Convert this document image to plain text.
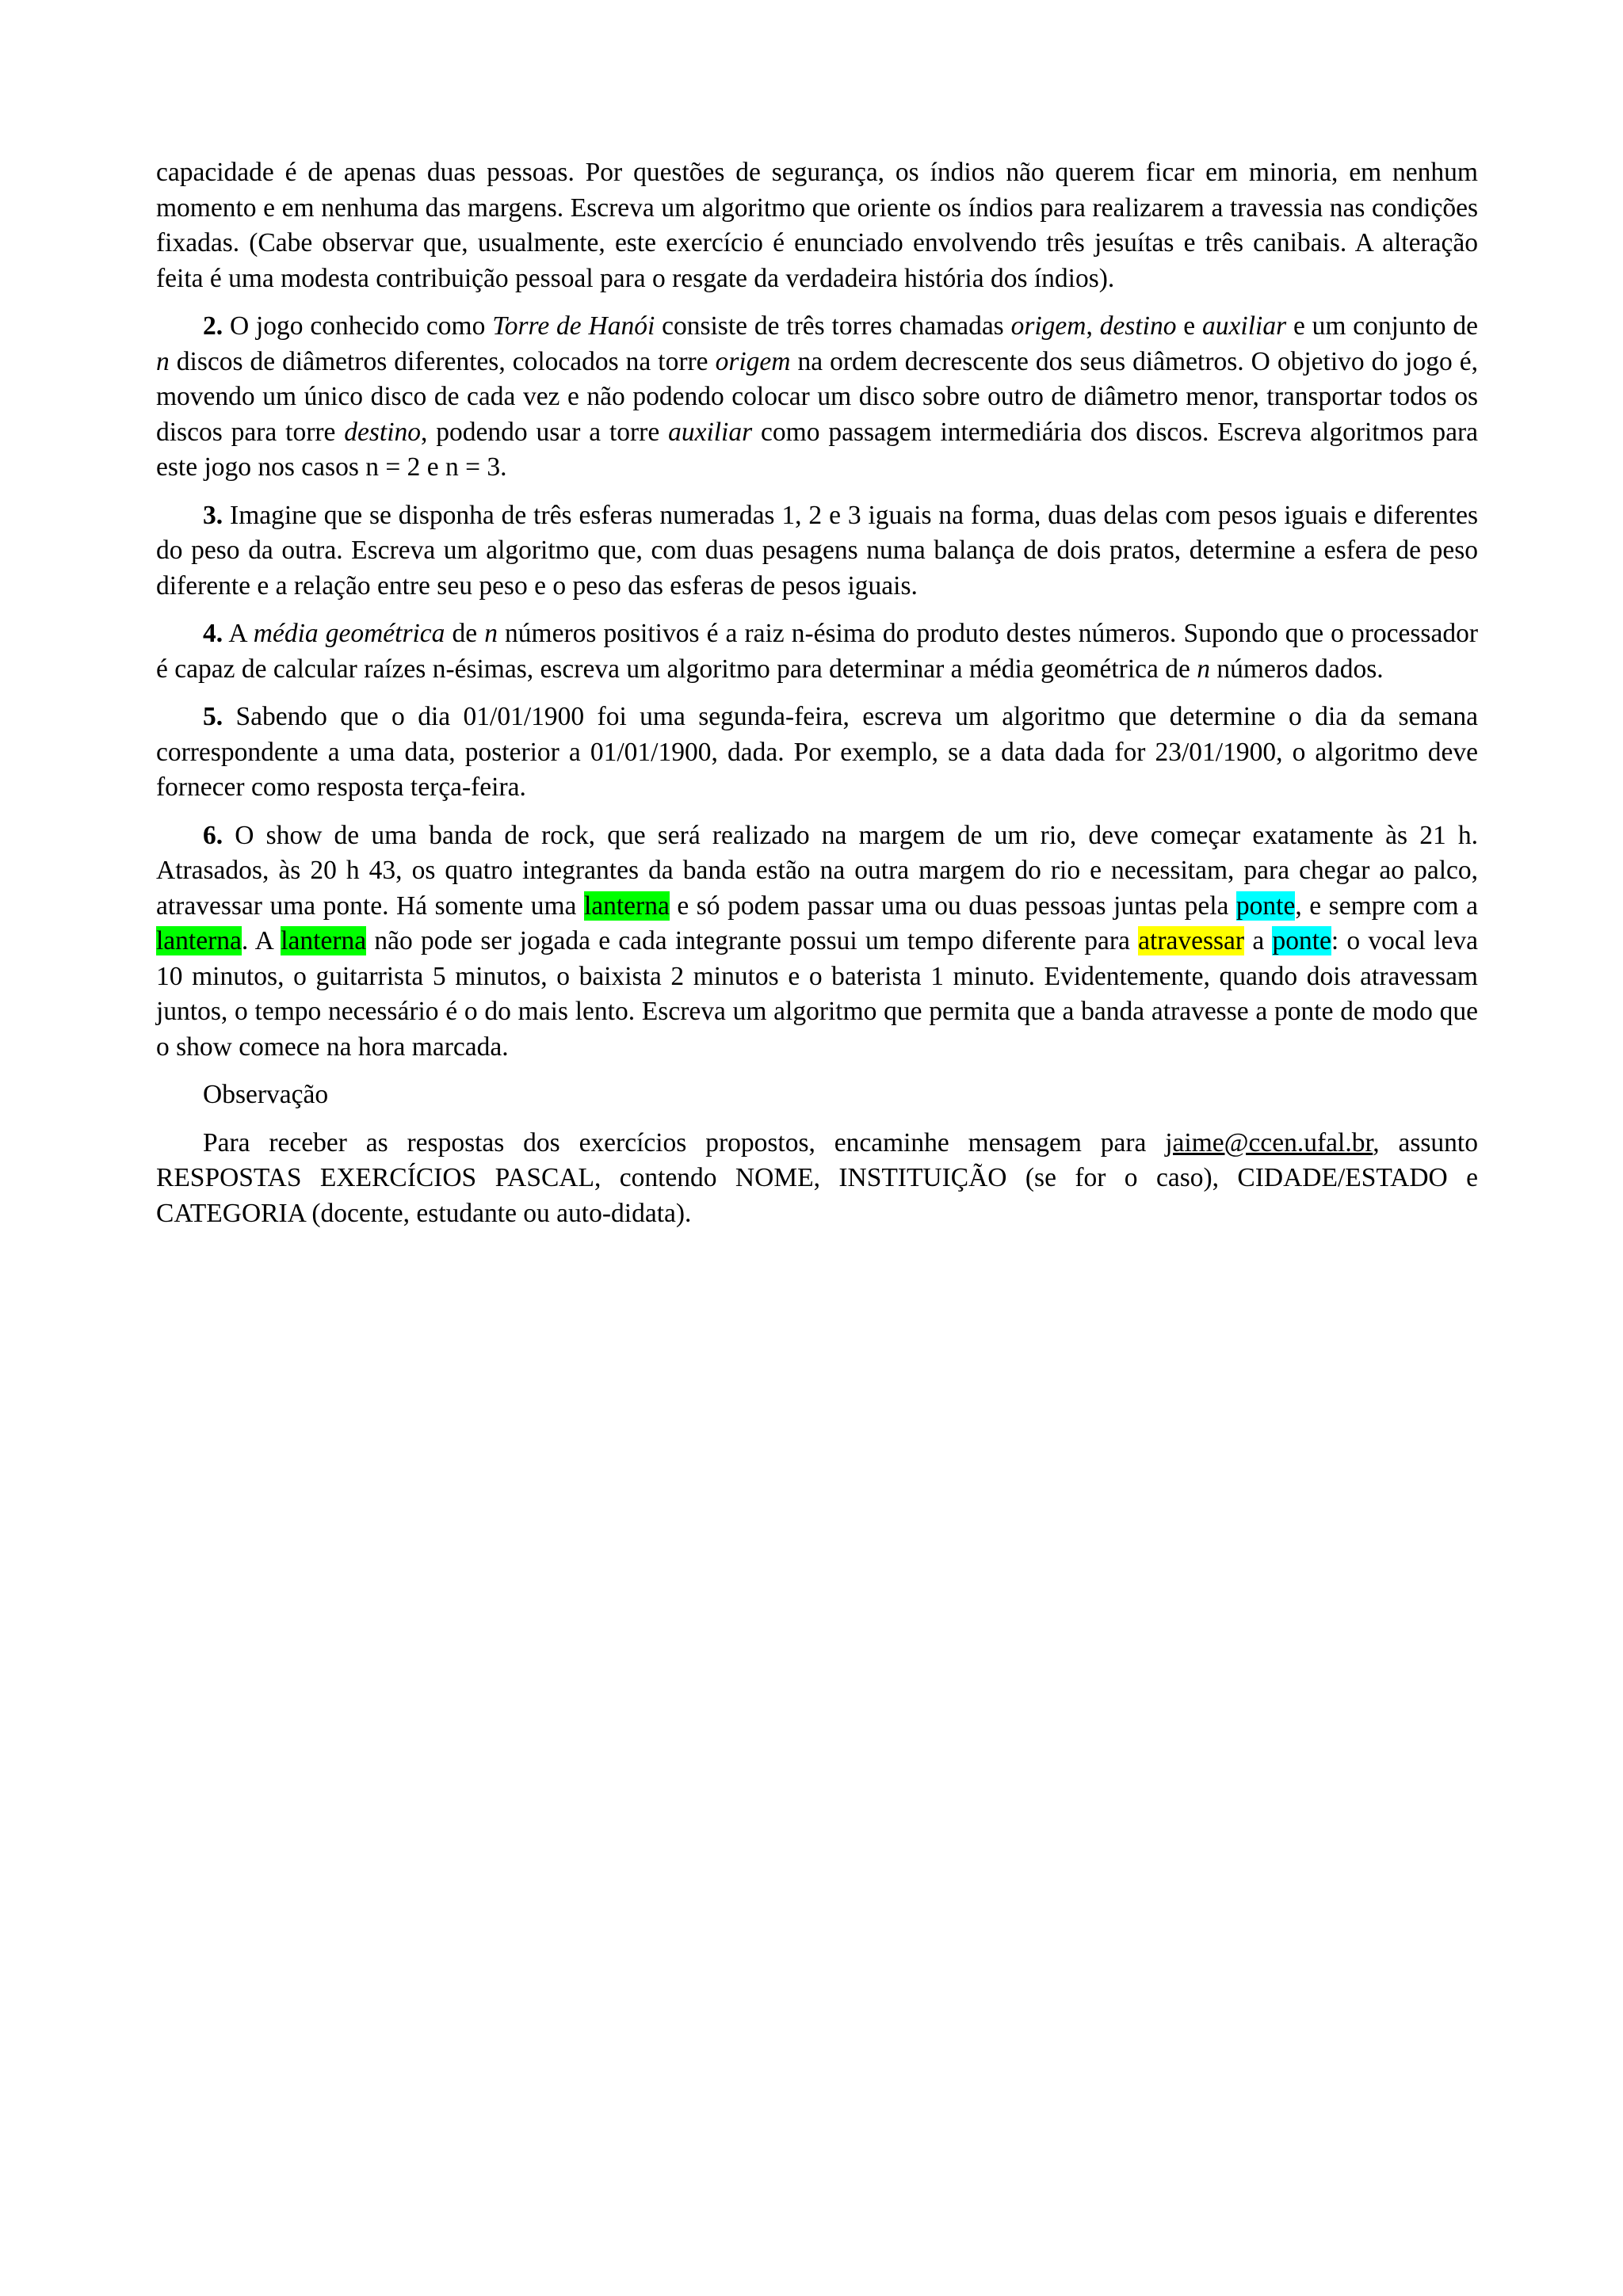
capacidade é de apenas duas pessoas. Por questões de segurança, os índios não querem ficar em minoria, em nenhum momento e em nenhuma das margens. Escreva um algoritmo que oriente os índios para realizarem a travessia nas condições fixadas. (Cabe observar que, usualmente, este exercício é enunciado envolvendo três jesuítas e três canibais. A alteração feita é uma modesta contribuição pessoal para o resgate da verdadeira história dos índios).

2. O jogo conhecido como Torre de Hanói consiste de três torres chamadas origem, destino e auxiliar e um conjunto de n discos de diâmetros diferentes, colocados na torre origem na ordem decrescente dos seus diâmetros. O objetivo do jogo é, movendo um único disco de cada vez e não podendo colocar um disco sobre outro de diâmetro menor, transportar todos os discos para torre destino, podendo usar a torre auxiliar como passagem intermediária dos discos. Escreva algoritmos para este jogo nos casos n = 2 e n = 3.

3. Imagine que se disponha de três esferas numeradas 1, 2 e 3 iguais na forma, duas delas com pesos iguais e diferentes do peso da outra. Escreva um algoritmo que, com duas pesagens numa balança de dois pratos, determine a esfera de peso diferente e a relação entre seu peso e o peso das esferas de pesos iguais.

4. A média geométrica de n números positivos é a raiz n-ésima do produto destes números. Supondo que o processador é capaz de calcular raízes n-ésimas, escreva um algoritmo para determinar a média geométrica de n números dados.

5. Sabendo que o dia 01/01/1900 foi uma segunda-feira, escreva um algoritmo que determine o dia da semana correspondente a uma data, posterior a 01/01/1900, dada. Por exemplo, se a data dada for 23/01/1900, o algoritmo deve fornecer como resposta terça-feira.

6. O show de uma banda de rock, que será realizado na margem de um rio, deve começar exatamente às 21 h. Atrasados, às 20 h 43, os quatro integrantes da banda estão na outra margem do rio e necessitam, para chegar ao palco, atravessar uma ponte. Há somente uma lanterna e só podem passar uma ou duas pessoas juntas pela ponte, e sempre com a lanterna. A lanterna não pode ser jogada e cada integrante possui um tempo diferente para atravessar a ponte: o vocal leva 10 minutos, o guitarrista 5 minutos, o baixista 2 minutos e o baterista 1 minuto. Evidentemente, quando dois atravessam juntos, o tempo necessário é o do mais lento. Escreva um algoritmo que permita que a banda atravesse a ponte de modo que o show comece na hora marcada.

Observação

Para receber as respostas dos exercícios propostos, encaminhe mensagem para jaime@ccen.ufal.br, assunto RESPOSTAS EXERCÍCIOS PASCAL, contendo NOME, INSTITUIÇÃO (se for o caso), CIDADE/ESTADO e CATEGORIA (docente, estudante ou auto-didata).
